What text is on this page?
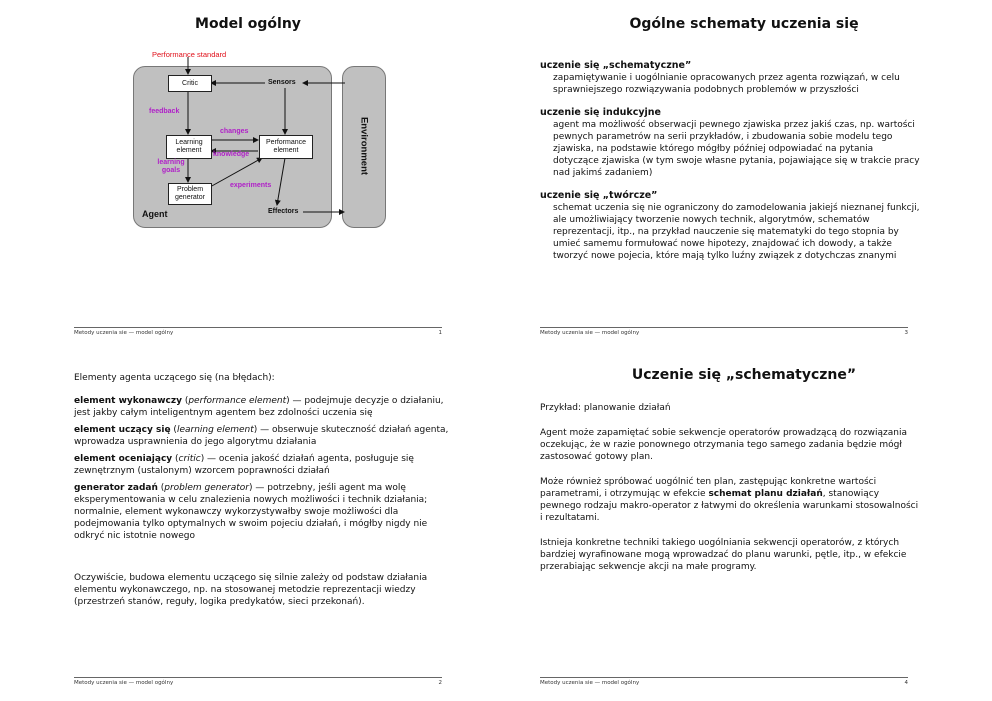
Model ogólny
Performance standard
Environment
Critic	Sensors
feedback
changes
Learning element
Performance element
knowledge
learning goals
experiments
Problem generator
Agent	Effectors
Metody uczenia sie — model ogólny	1
Ogólne schematy uczenia się
uczenie się „schematyczne”
zapamiętywanie i uogólnianie opracowanych przez agenta rozwiązań, w celu sprawniejszego rozwiązywania podobnych problemów w przyszłości
uczenie się indukcyjne
agent ma możliwość obserwacji pewnego zjawiska przez jakiś czas, np. wartości pewnych parametrów na serii przykładów, i zbudowania sobie modelu tego zjawiska, na podstawie którego mógłby później odpowiadać na pytania dotyczące zjawiska (w tym swoje własne pytania, pojawiające się w trakcie pracy nad jakimś zadaniem)
uczenie się „twórcze”
schemat uczenia się nie ograniczony do zamodelowania jakiejś nieznanej funkcji, ale umożliwiający tworzenie nowych technik, algorytmów, schematów reprezentacji, itp., na przykład nauczenie się matematyki do tego stopnia by umieć samemu formułować nowe hipotezy, znajdować ich dowody, a także tworzyć nowe pojecia, które mają tylko luźny związek z dotychczas znanymi
Metody uczenia sie — model ogólny	3
Elementy agenta uczącego się (na błędach):
element wykonawczy (performance element) — podejmuje decyzje o działaniu, jest jakby całym inteligentnym agentem bez zdolności uczenia się
element uczący się (learning element) — obserwuje skuteczność działań agenta, wprowadza usprawnienia do jego algorytmu działania
element oceniający (critic) — ocenia jakość działań agenta, posługuje się zewnętrznym (ustalonym) wzorcem poprawności działań
generator zadań (problem generator) — potrzebny, jeśli agent ma wolę eksperymentowania w celu znalezienia nowych możliwości i technik działania; normalnie, element wykonawczy wykorzystywałby swoje możliwości dla podejmowania tylko optymalnych w swoim pojeciu działań, i mógłby nigdy nie odkryć nic istotnie nowego
Oczywiście, budowa elementu uczącego się silnie zależy od podstaw działania elementu wykonawczego, np. na stosowanej metodzie reprezentacji wiedzy (przestrzeń stanów, reguły, logika predykatów, sieci przekonań).
Metody uczenia sie — model ogólny	2
Uczenie się „schematyczne”
Przykład: planowanie działań
Agent może zapamiętać sobie sekwencje operatorów prowadzącą do rozwiązania oczekując, że w razie ponownego otrzymania tego samego zadania będzie mógł zastosować gotowy plan.
Może również spróbować uogólnić ten plan, zastępując konkretne wartości parametrami, i otrzymując w efekcie schemat planu działań, stanowiący pewnego rodzaju makro-operator z łatwymi do określenia warunkami stosowalności i rezultatami.
Istnieja konkretne techniki takiego uogólniania sekwencji operatorów, z których bardziej wyrafinowane mogą wprowadzać do planu warunki, pętle, itp., w efekcie przerabiając sekwencje akcji na małe programy.
Metody uczenia sie — model ogólny	4
